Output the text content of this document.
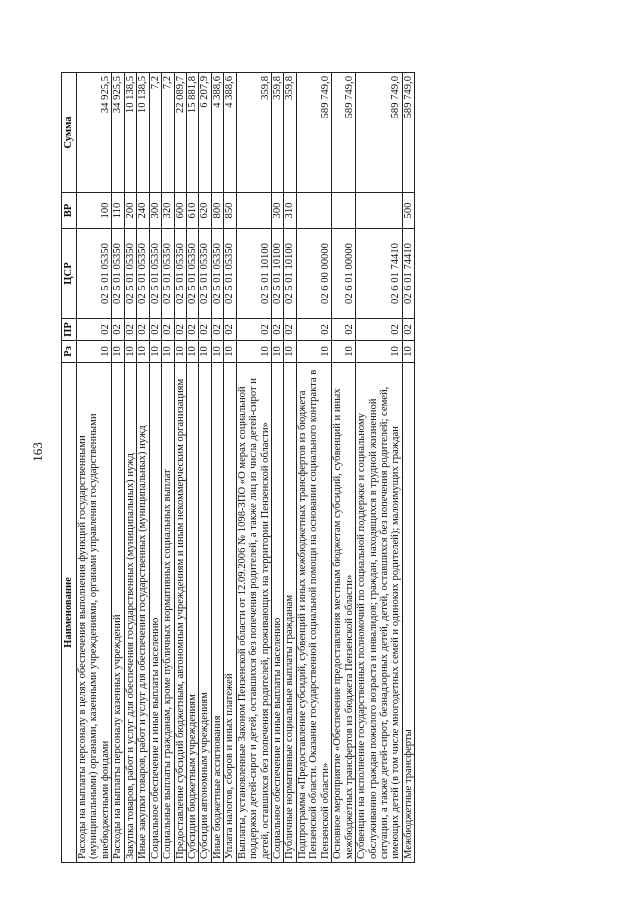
163
Наименование	Рз	ПР	ЦСР	ВР	Сумма
Расходы на выплаты персоналу в целях обеспечения выполнения функций государственными (муниципальными) органами, казенными учреждениями, органами управления государственными внебюджетными фондами	10	02	02 5 01 05350	100	34 925,5
Расходы на выплаты персоналу казенных учреждений	10	02	02 5 01 05350	110	34 925,5
Закупка товаров, работ и услуг для обеспечения государственных (муниципальных) нужд	10	02	02 5 01 05350	200	10 138,5
Иные закупки товаров, работ и услуг для обеспечения государственных (муниципальных) нужд	10	02	02 5 01 05350	240	10 138,5
Социальное обеспечение и иные выплаты населению	10	02	02 5 01 05350	300	7,2
Социальные выплаты гражданам, кроме публичных нормативных социальных выплат	10	02	02 5 01 05350	320	7,2
Предоставление субсидий бюджетным, автономным учреждениям и иным некоммерческим организациям	10	02	02 5 01 05350	600	22 089,7
Субсидии бюджетным учреждениям	10	02	02 5 01 05350	610	15 881,8
Субсидии автономным учреждениям	10	02	02 5 01 05350	620	6 207,9
Иные бюджетные ассигнования	10	02	02 5 01 05350	800	4 388,6
Уплата налогов, сборов и иных платежей	10	02	02 5 01 05350	850	4 388,6
Выплаты, установленные Законом Пензенской области от 12.09.2006 № 1098-ЗПО «О мерах социальной поддержки детей-сирот и детей, оставшихся без попечения родителей, а также лиц из числа детей-сирот и детей, оставшихся без попечения родителей, проживающих на территории Пензенской области»	10	02	02 5 01 10100		359,8
Социальное обеспечение и иные выплаты населению	10	02	02 5 01 10100	300	359,8
Публичные нормативные социальные выплаты гражданам	10	02	02 5 01 10100	310	359,8
Подпрограмма «Предоставление субсидий, субвенций и иных межбюджетных трансфертов из бюджета Пензенской области. Оказание государственной социальной помощи на основании социального контракта в Пензенской области»	10	02	02 6 00 00000		589 749,0
Основное мероприятие «Обеспечение предоставления местным бюджетам субсидий, субвенций и иных межбюджетных трансфертов из бюджета Пензенской области»	10	02	02 6 01 00000		589 749,0
Субвенции на исполнение государственных полномочий по социальной поддержке и социальному обслуживанию граждан пожилого возраста и инвалидов; граждан, находящихся в трудной жизненной ситуации, а также детей-сирот, безнадзорных детей, детей, оставшихся без попечения родителей; семей, имеющих детей (в том числе многодетных семей и одиноких родителей); малоимущих граждан	10	02	02 6 01 74410		589 749,0
Межбюджетные трансферты	10	02	02 6 01 74410	500	589 749,0
